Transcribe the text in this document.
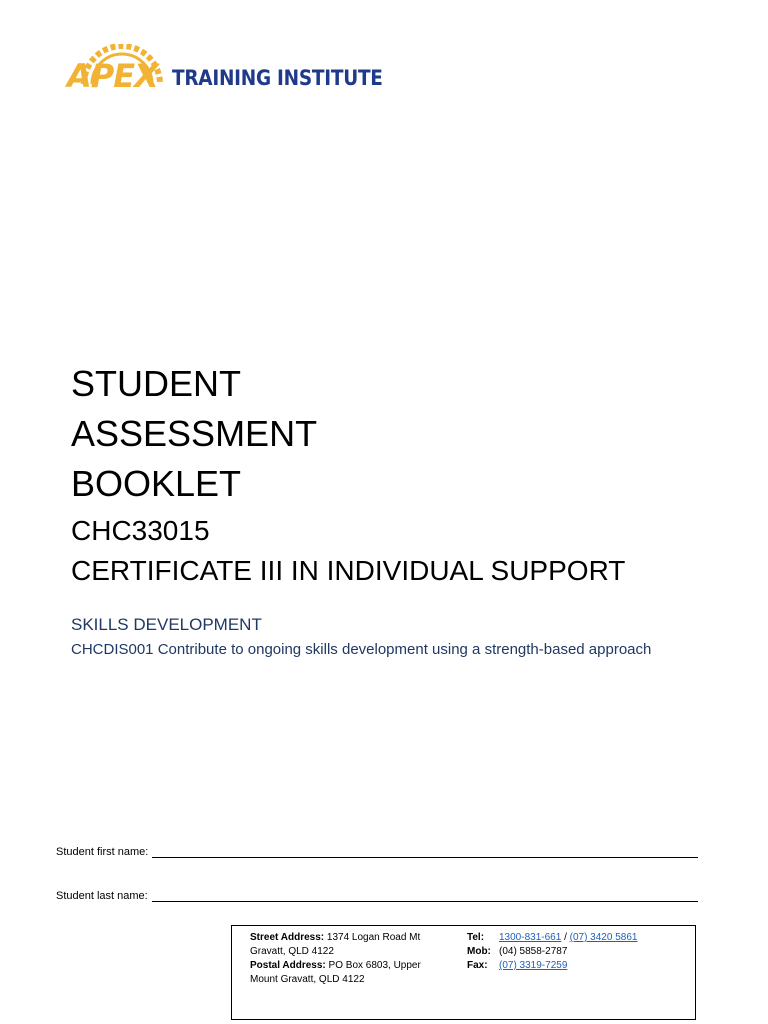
APEX TRAINING INSTITUTE
STUDENT
ASSESSMENT
BOOKLET
CHC33015
CERTIFICATE III IN INDIVIDUAL SUPPORT
SKILLS DEVELOPMENT
CHCDIS001 Contribute to ongoing skills development using a strength-based approach
Student first name:
Student last name:
Street Address: 1374 Logan Road Mt Gravatt, QLD 4122
Postal Address: PO Box 6803, Upper Mount Gravatt, QLD 4122
Tel:	1300-831-661
/
(07) 3420 5861
Mob: (04) 5858-2787
Fax:	(07) 3319-7259
